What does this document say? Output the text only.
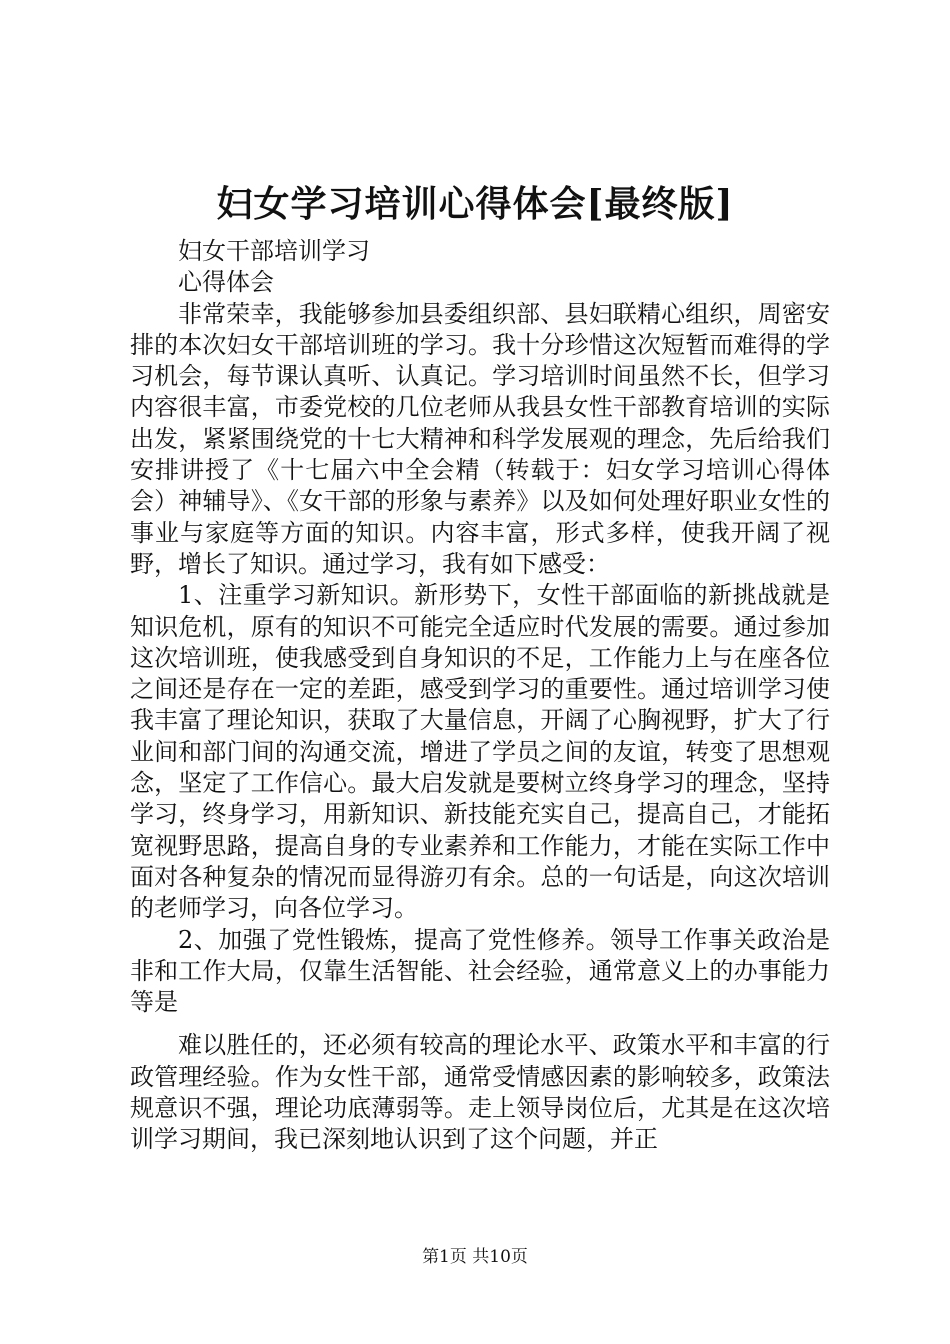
妇女学习培训心得体会[最终版]

妇女干部培训学习

心得体会

非常荣幸，我能够参加县委组织部、县妇联精心组织，周密安排的本次妇女干部培训班的学习。我十分珍惜这次短暂而难得的学习机会，每节课认真听、认真记。学习培训时间虽然不长，但学习内容很丰富，市委党校的几位老师从我县女性干部教育培训的实际出发，紧紧围绕党的十七大精神和科学发展观的理念，先后给我们安排讲授了《十七届六中全会精（转载于：妇女学习培训心得体会）神辅导》、《女干部的形象与素养》以及如何处理好职业女性的事业与家庭等方面的知识。内容丰富，形式多样，使我开阔了视野，增长了知识。通过学习，我有如下感受：

1、注重学习新知识。新形势下，女性干部面临的新挑战就是知识危机，原有的知识不可能完全适应时代发展的需要。通过参加这次培训班，使我感受到自身知识的不足，工作能力上与在座各位之间还是存在一定的差距，感受到学习的重要性。通过培训学习使我丰富了理论知识，获取了大量信息，开阔了心胸视野，扩大了行业间和部门间的沟通交流，增进了学员之间的友谊，转变了思想观念，坚定了工作信心。最大启发就是要树立终身学习的理念，坚持学习，终身学习，用新知识、新技能充实自己，提高自己，才能拓宽视野思路，提高自身的专业素养和工作能力，才能在实际工作中面对各种复杂的情况而显得游刃有余。总的一句话是，向这次培训的老师学习，向各位学习。

2、加强了党性锻炼，提高了党性修养。领导工作事关政治是非和工作大局，仅靠生活智能、社会经验，通常意义上的办事能力等是

难以胜任的，还必须有较高的理论水平、政策水平和丰富的行政管理经验。作为女性干部，通常受情感因素的影响较多，政策法规意识不强，理论功底薄弱等。走上领导岗位后，尤其是在这次培训学习期间，我已深刻地认识到了这个问题，并正

第1页 共10页
